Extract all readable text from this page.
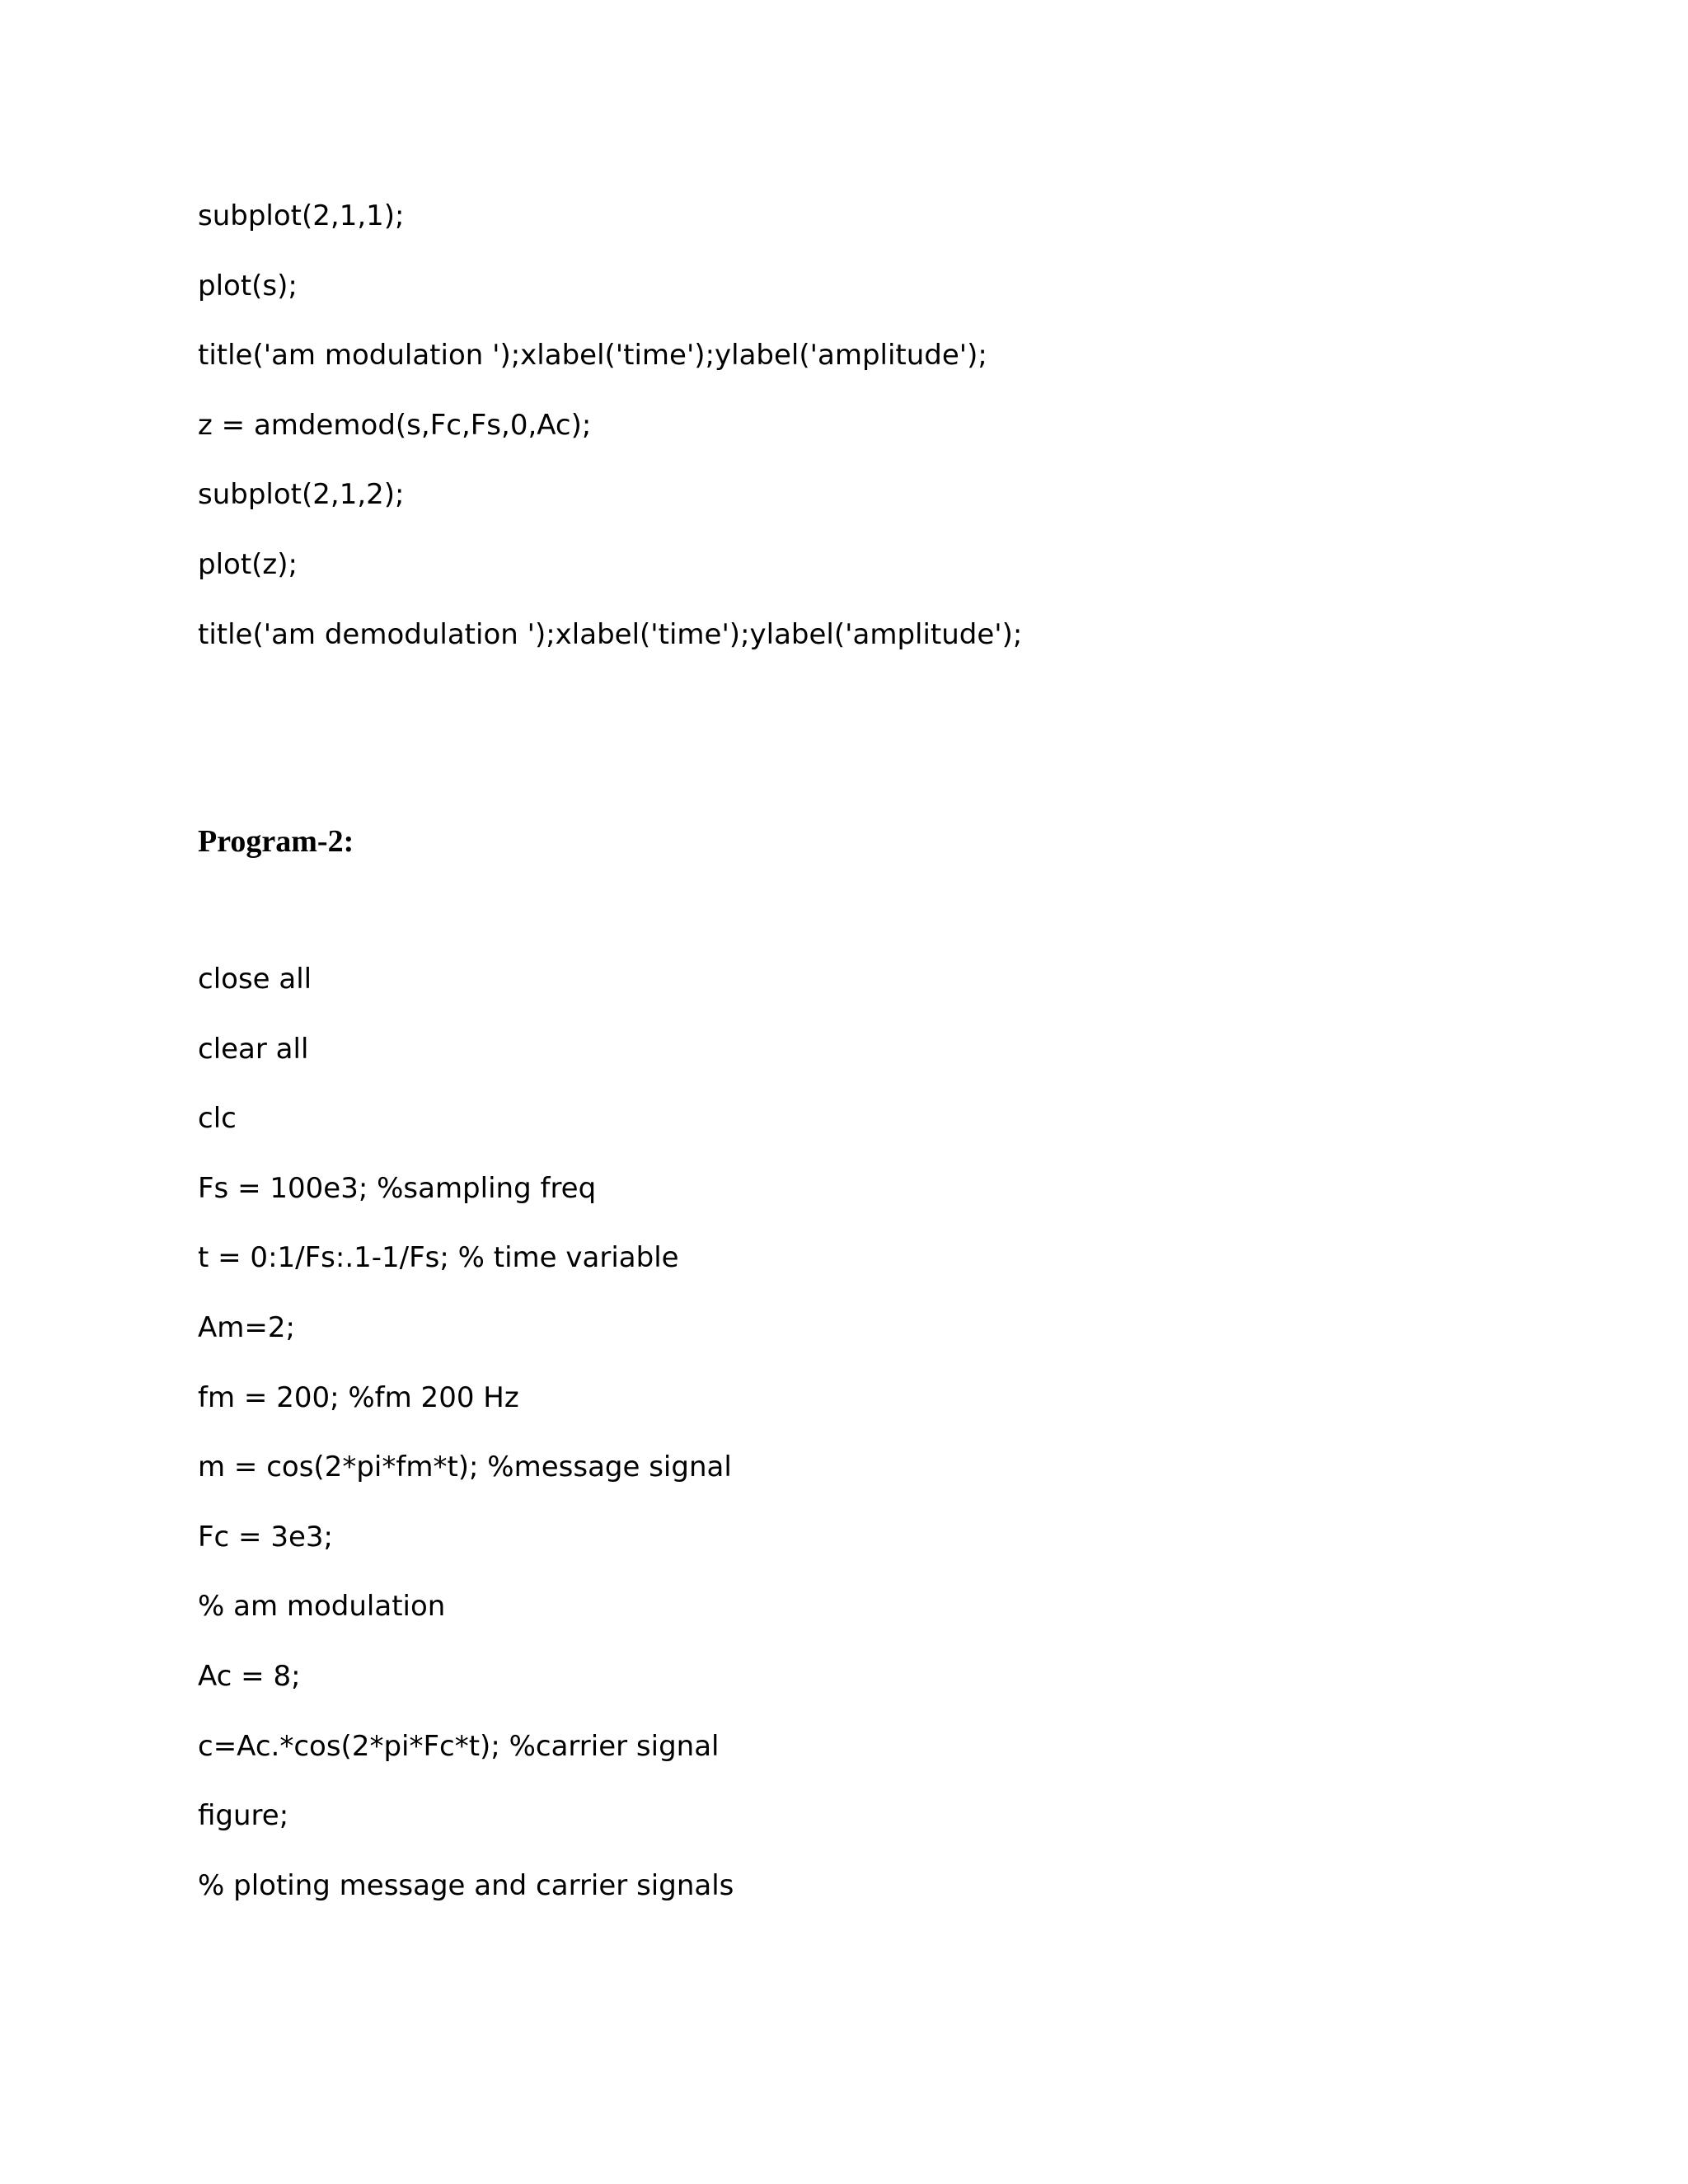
subplot(2,1,1);
plot(s);
title('am modulation ');xlabel('time');ylabel('amplitude');
z = amdemod(s,Fc,Fs,0,Ac);
subplot(2,1,2);
plot(z);
title('am demodulation ');xlabel('time');ylabel('amplitude');
Program-2:
close all
clear all
clc
Fs = 100e3; %sampling freq
t = 0:1/Fs:.1-1/Fs; % time variable
Am=2;
fm = 200; %fm 200 Hz
m = cos(2*pi*fm*t); %message signal
Fc = 3e3;
% am modulation
Ac = 8;
c=Ac.*cos(2*pi*Fc*t); %carrier signal
figure;
% ploting message and carrier signals
